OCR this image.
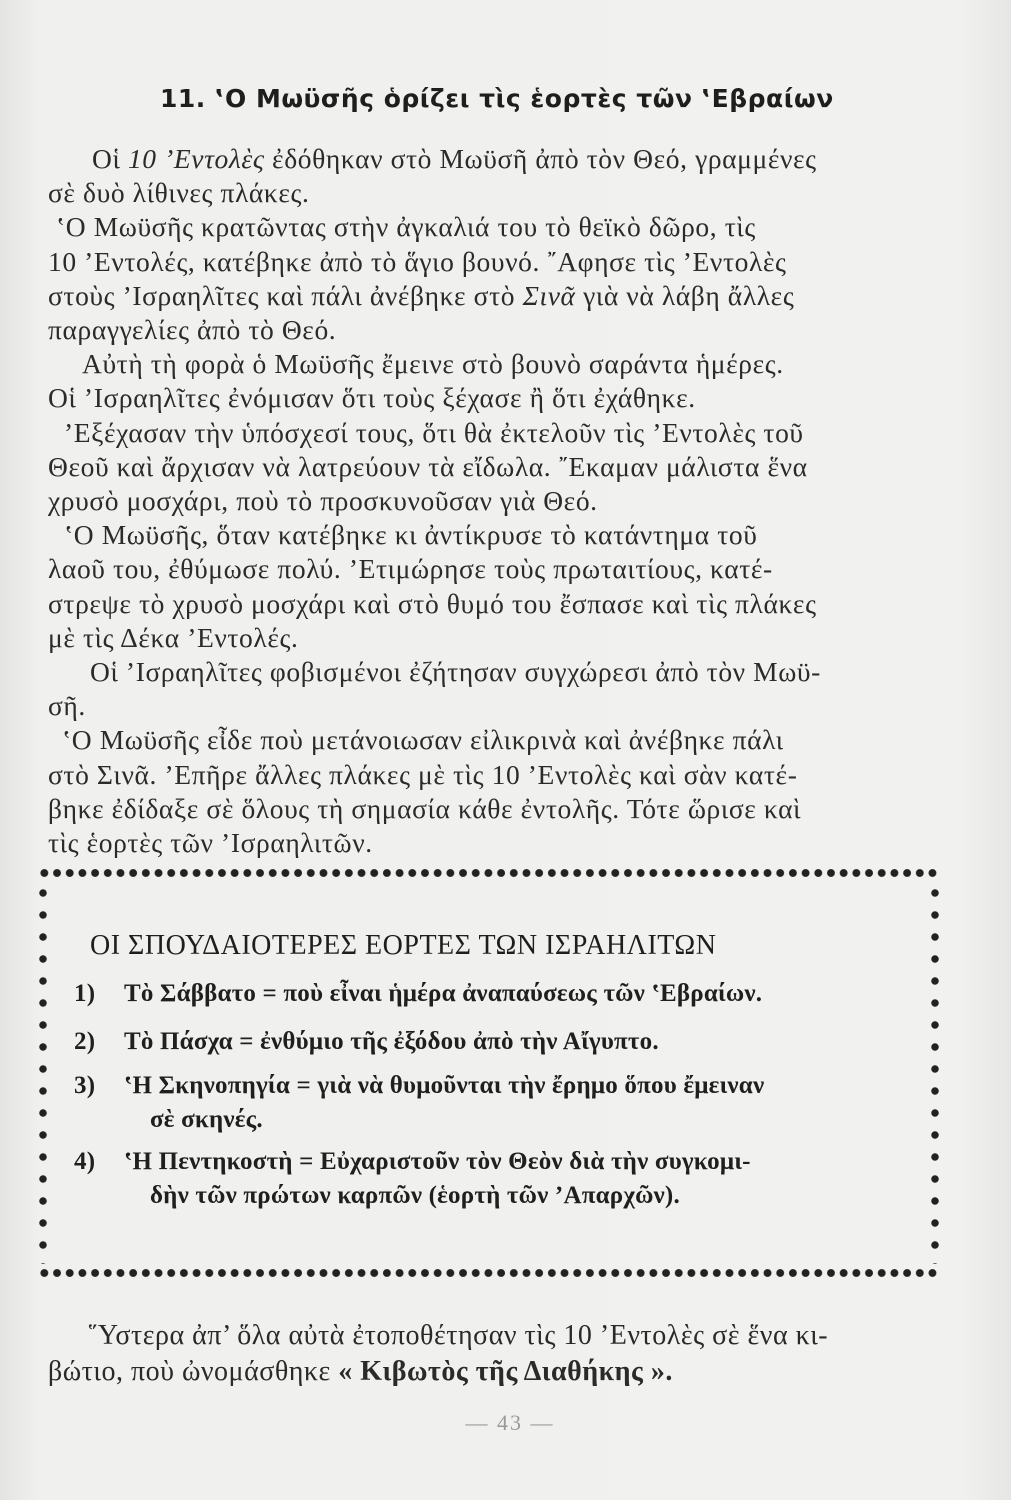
11. ‛Ο Μωϋσῆς ὁρίζει τὶς ἑορτὲς τῶν ‛Εβραίων

Οἱ 10 ’Εντολὲς ἐδόθηκαν στὸ Μωϋσῆ ἀπὸ τὸν Θεό, γραμμένες
σὲ δυὸ λίθινες πλάκες.

‛Ο Μωϋσῆς κρατῶντας στὴν ἀγκαλιά του τὸ θεϊκὸ δῶρο, τὶς
10 ’Εντολές, κατέβηκε ἀπὸ τὸ ἅγιο βουνό. ῎Αφησε τὶς ’Εντολὲς
στοὺς ’Ισραηλῖτες καὶ πάλι ἀνέβηκε στὸ Σινᾶ γιὰ νὰ λάβη ἄλλες
παραγγελίες ἀπὸ τὸ Θεό.

Αὐτὴ τὴ φορὰ ὁ Μωϋσῆς ἔμεινε στὸ βουνὸ σαράντα ἡμέρες.
Οἱ ’Ισραηλῖτες ἐνόμισαν ὅτι τοὺς ξέχασε ἢ ὅτι ἐχάθηκε.

’Εξέχασαν τὴν ὑπόσχεσί τους, ὅτι θὰ ἐκτελοῦν τὶς ’Εντολὲς τοῦ
Θεοῦ καὶ ἄρχισαν νὰ λατρεύουν τὰ εἴδωλα. ῎Εκαμαν μάλιστα ἕνα
χρυσὸ μοσχάρι, ποὺ τὸ προσκυνοῦσαν γιὰ Θεό.

‛Ο Μωϋσῆς, ὅταν κατέβηκε κι ἀντίκρυσε τὸ κατάντημα τοῦ
λαοῦ του, ἐθύμωσε πολύ. ’Ετιμώρησε τοὺς πρωταιτίους, κατέ-
στρεψε τὸ χρυσὸ μοσχάρι καὶ στὸ θυμό του ἔσπασε καὶ τὶς πλάκες
μὲ τὶς Δέκα ’Εντολές.

Οἱ ’Ισραηλῖτες φοβισμένοι ἐζήτησαν συγχώρεσι ἀπὸ τὸν Μωϋ-
σῆ.

‛Ο Μωϋσῆς εἶδε ποὺ μετάνοιωσαν εἰλικρινὰ καὶ ἀνέβηκε πάλι
στὸ Σινᾶ. ’Επῆρε ἄλλες πλάκες μὲ τὶς 10 ’Εντολὲς καὶ σὰν κατέ-
βηκε ἐδίδαξε σὲ ὅλους τὴ σημασία κάθε ἐντολῆς. Τότε ὥρισε καὶ
τὶς ἑορτὲς τῶν ’Ισραηλιτῶν.

ΟΙ ΣΠΟΥΔΑΙΟΤΕΡΕΣ ΕΟΡΤΕΣ ΤΩΝ ΙΣΡΑΗΛΙΤΩΝ
1) Τὸ Σάββατο = ποὺ εἶναι ἡμέρα ἀναπαύσεως τῶν ‛Εβραίων.
2) Τὸ Πάσχα = ἐνθύμιο τῆς ἐξόδου ἀπὸ τὴν Αἴγυπτο.
3) ‛Η Σκηνοπηγία = γιὰ νὰ θυμοῦνται τὴν ἔρημο ὅπου ἔμειναν
σὲ σκηνές.
4) ‛Η Πεντηκοστὴ = Εὐχαριστοῦν τὸν Θεὸν διὰ τὴν συγκομι-
δὴν τῶν πρώτων καρπῶν (ἑορτὴ τῶν ’Απαρχῶν).
῞Υστερα ἀπ’ ὅλα αὐτὰ ἐτοποθέτησαν τὶς 10 ’Εντολὲς σὲ ἕνα κι-
βώτιο, ποὺ ὠνομάσθηκε « Κιβωτὸς τῆς Διαθήκης ».
— 43 —
